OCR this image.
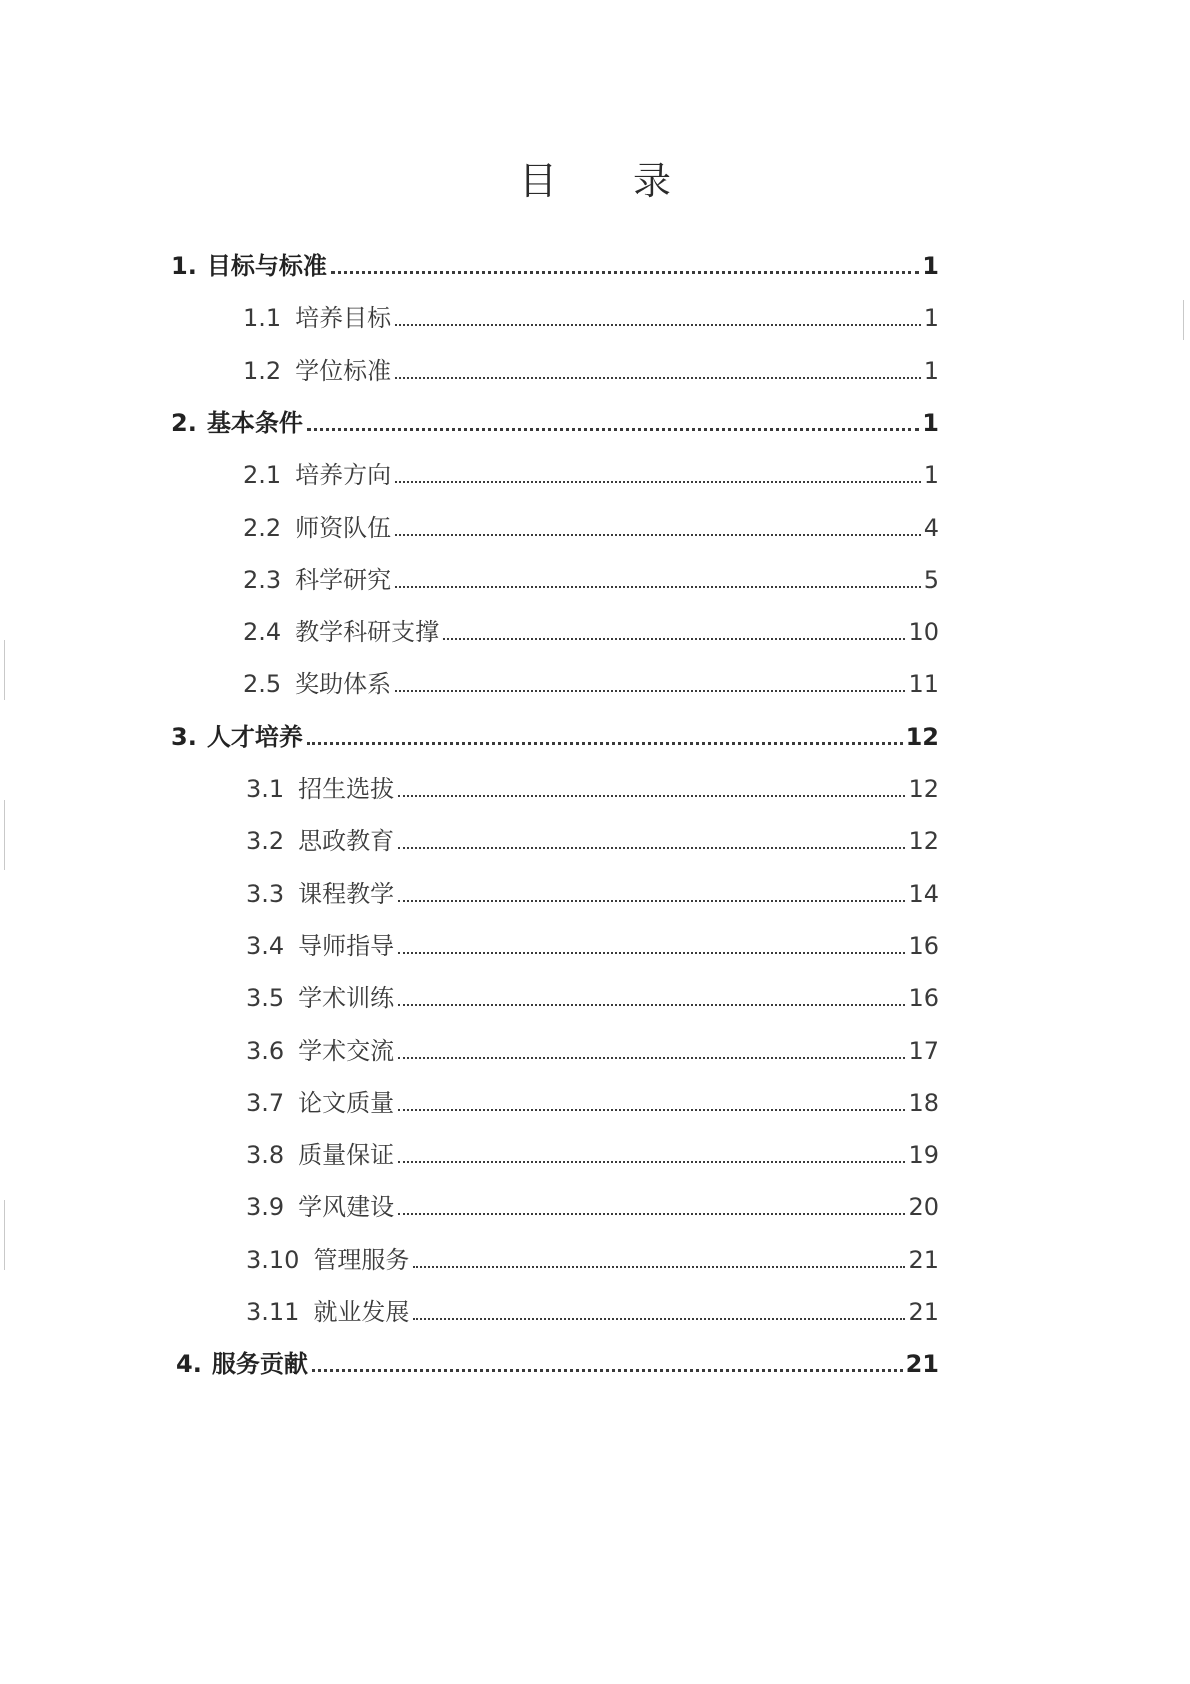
目 录
1. 目标与标准	1
1.1 培养目标	1
1.2 学位标准	1
2. 基本条件	1
2.1 培养方向	1
2.2 师资队伍	4
2.3 科学研究	5
2.4 教学科研支撑	10
2.5 奖助体系	11
3. 人才培养	12
3.1 招生选拔	12
3.2 思政教育	12
3.3 课程教学	14
3.4 导师指导	16
3.5 学术训练	16
3.6 学术交流	17
3.7 论文质量	18
3.8 质量保证	19
3.9 学风建设	20
3.10 管理服务	21
3.11 就业发展	21
4. 服务贡献	21
